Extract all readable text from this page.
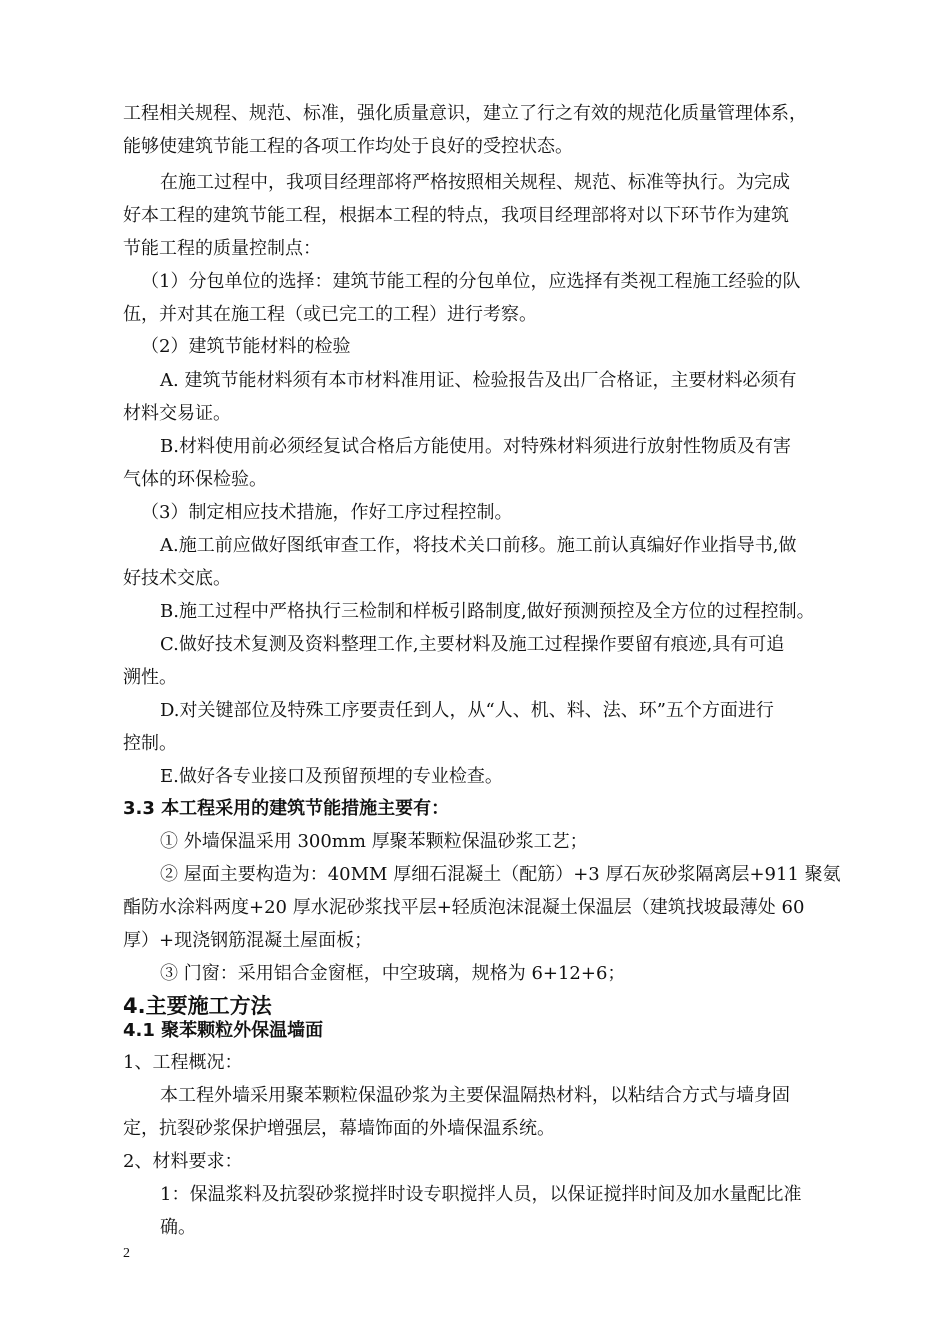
工程相关规程、规范、标准，强化质量意识，建立了行之有效的规范化质量管理体系，

能够使建筑节能工程的各项工作均处于良好的受控状态。

在施工过程中，我项目经理部将严格按照相关规程、规范、标准等执行。为完成

好本工程的建筑节能工程，根据本工程的特点，我项目经理部将对以下环节作为建筑

节能工程的质量控制点：

（1）分包单位的选择：建筑节能工程的分包单位，应选择有类视工程施工经验的队

伍，并对其在施工程（或已完工的工程）进行考察。

（2）建筑节能材料的检验

A. 建筑节能材料须有本市材料准用证、检验报告及出厂合格证，主要材料必须有

材料交易证。

B.材料使用前必须经复试合格后方能使用。对特殊材料须进行放射性物质及有害

气体的环保检验。

（3）制定相应技术措施，作好工序过程控制。

A.施工前应做好图纸审查工作，将技术关口前移。施工前认真编好作业指导书,做

好技术交底。

B.施工过程中严格执行三检制和样板引路制度,做好预测预控及全方位的过程控制。

C.做好技术复测及资料整理工作,主要材料及施工过程操作要留有痕迹,具有可追

溯性。

D.对关键部位及特殊工序要责任到人，从“人、机、料、法、环”五个方面进行

控制。

E.做好各专业接口及预留预埋的专业检查。

3.3 本工程采用的建筑节能措施主要有：

① 外墙保温采用 300mm 厚聚苯颗粒保温砂浆工艺；

② 屋面主要构造为：40MM 厚细石混凝土（配筋）+3 厚石灰砂浆隔离层+911 聚氨

酯防水涂料两度+20 厚水泥砂浆找平层+轻质泡沫混凝土保温层（建筑找坡最薄处 60

厚）+现浇钢筋混凝土屋面板；

③ 门窗：采用铝合金窗框，中空玻璃，规格为 6+12+6；

4.主要施工方法

4.1 聚苯颗粒外保温墙面

1、工程概况：

本工程外墙采用聚苯颗粒保温砂浆为主要保温隔热材料，以粘结合方式与墙身固

定，抗裂砂浆保护增强层，幕墙饰面的外墙保温系统。

2、材料要求：

1：保温浆料及抗裂砂浆搅拌时设专职搅拌人员，以保证搅拌时间及加水量配比准

确。

2
